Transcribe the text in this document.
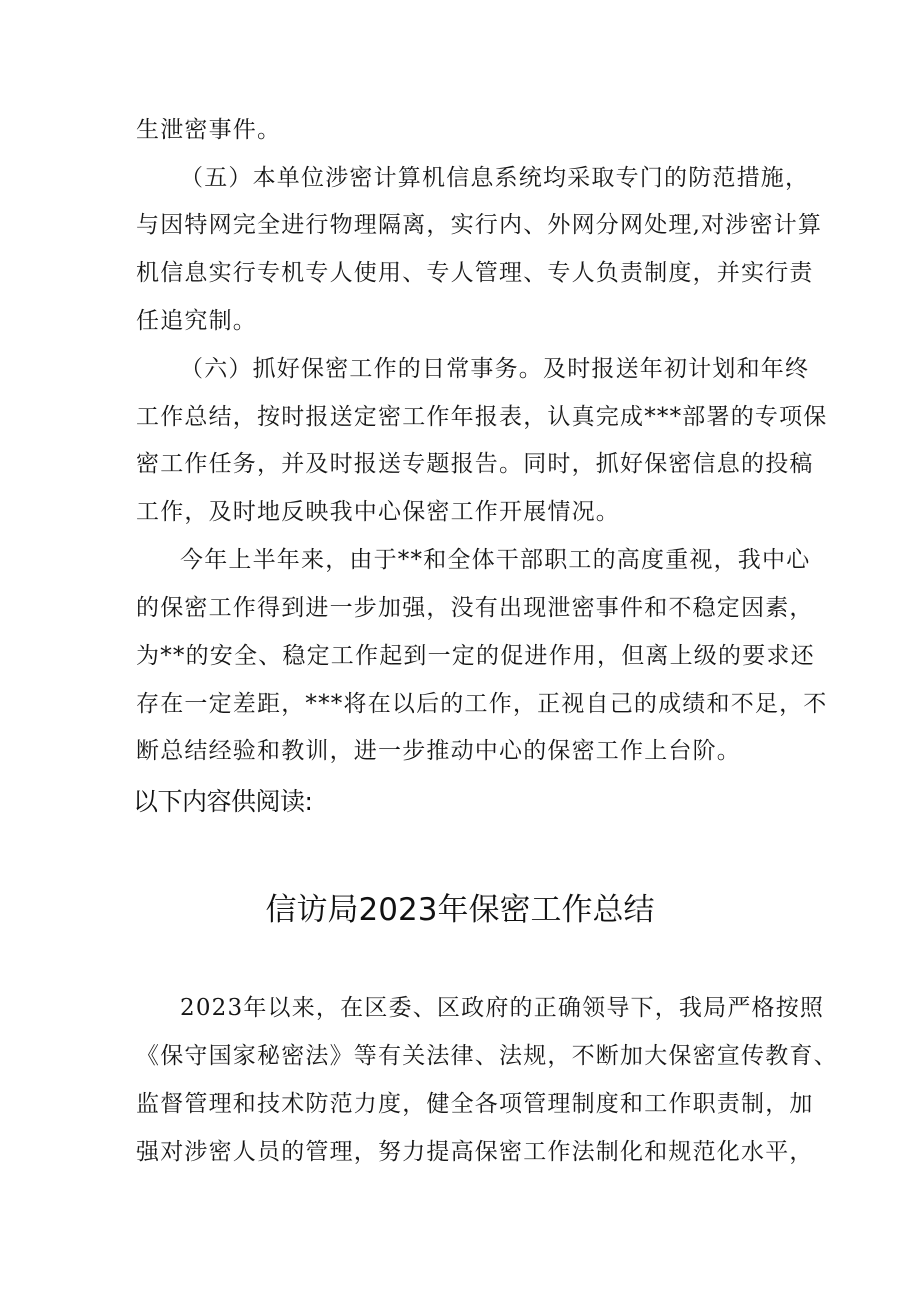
生泄密事件。
（五）本单位涉密计算机信息系统均采取专门的防范措施，
与因特网完全进行物理隔离，实行内、外网分网处理,对涉密计算
机信息实行专机专人使用、专人管理、专人负责制度，并实行责
任追究制。
（六）抓好保密工作的日常事务。及时报送年初计划和年终
工作总结，按时报送定密工作年报表，认真完成***部署的专项保
密工作任务，并及时报送专题报告。同时，抓好保密信息的投稿
工作，及时地反映我中心保密工作开展情况。
今年上半年来，由于**和全体干部职工的高度重视，我中心
的保密工作得到进一步加强，没有出现泄密事件和不稳定因素，
为**的安全、稳定工作起到一定的促进作用，但离上级的要求还
存在一定差距，***将在以后的工作，正视自己的成绩和不足，不
断总结经验和教训，进一步推动中心的保密工作上台阶。
以下内容供阅读:
信访局2023年保密工作总结
2023年以来，在区委、区政府的正确领导下，我局严格按照
《保守国家秘密法》等有关法律、法规，不断加大保密宣传教育、
监督管理和技术防范力度，健全各项管理制度和工作职责制，加
强对涉密人员的管理，努力提高保密工作法制化和规范化水平，
